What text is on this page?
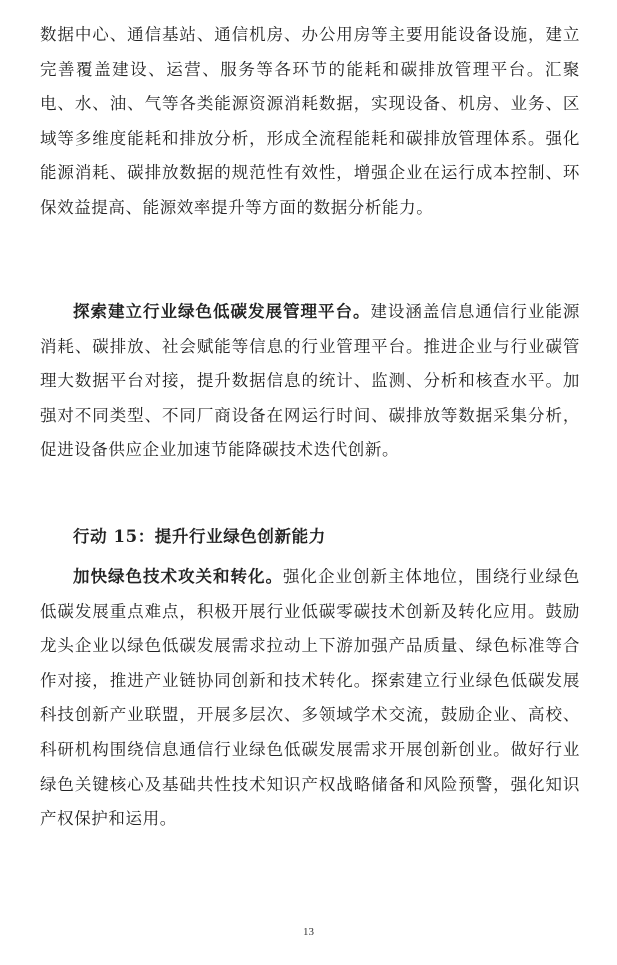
数据中心、通信基站、通信机房、办公用房等主要用能设备设施，建立完善覆盖建设、运营、服务等各环节的能耗和碳排放管理平台。汇聚电、水、油、气等各类能源资源消耗数据，实现设备、机房、业务、区域等多维度能耗和排放分析，形成全流程能耗和碳排放管理体系。强化能源消耗、碳排放数据的规范性有效性，增强企业在运行成本控制、环保效益提高、能源效率提升等方面的数据分析能力。

探索建立行业绿色低碳发展管理平台。建设涵盖信息通信行业能源消耗、碳排放、社会赋能等信息的行业管理平台。推进企业与行业碳管理大数据平台对接，提升数据信息的统计、监测、分析和核查水平。加强对不同类型、不同厂商设备在网运行时间、碳排放等数据采集分析，促进设备供应企业加速节能降碳技术迭代创新。

行动 15：提升行业绿色创新能力

加快绿色技术攻关和转化。强化企业创新主体地位，围绕行业绿色低碳发展重点难点，积极开展行业低碳零碳技术创新及转化应用。鼓励龙头企业以绿色低碳发展需求拉动上下游加强产品质量、绿色标准等合作对接，推进产业链协同创新和技术转化。探索建立行业绿色低碳发展科技创新产业联盟，开展多层次、多领域学术交流，鼓励企业、高校、科研机构围绕信息通信行业绿色低碳发展需求开展创新创业。做好行业绿色关键核心及基础共性技术知识产权战略储备和风险预警，强化知识产权保护和运用。

13
